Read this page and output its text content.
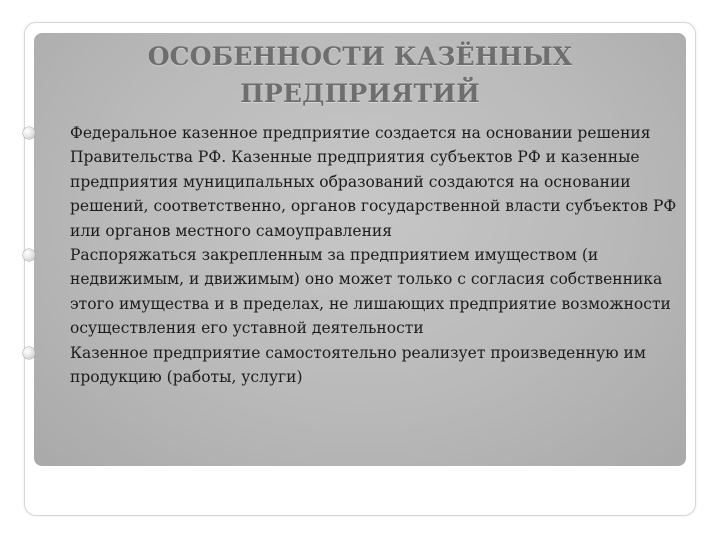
ОСОБЕННОСТИ КАЗЁННЫХ
ПРЕДПРИЯТИЙ
Федеральное казенное предприятие создается на основании решения Правительства РФ. Казенные предприятия субъектов РФ и казенные предприятия муниципальных образований создаются на основании решений, соответственно, органов государственной власти субъектов РФ или органов местного самоуправления
Распоряжаться закрепленным за предприятием имуществом (и недвижимым, и движимым) оно может только с согласия собственника этого имущества и в пределах, не лишающих предприятие возможности осуществления его уставной деятельности
Казенное предприятие самостоятельно реализует произведенную им продукцию (работы, услуги)
